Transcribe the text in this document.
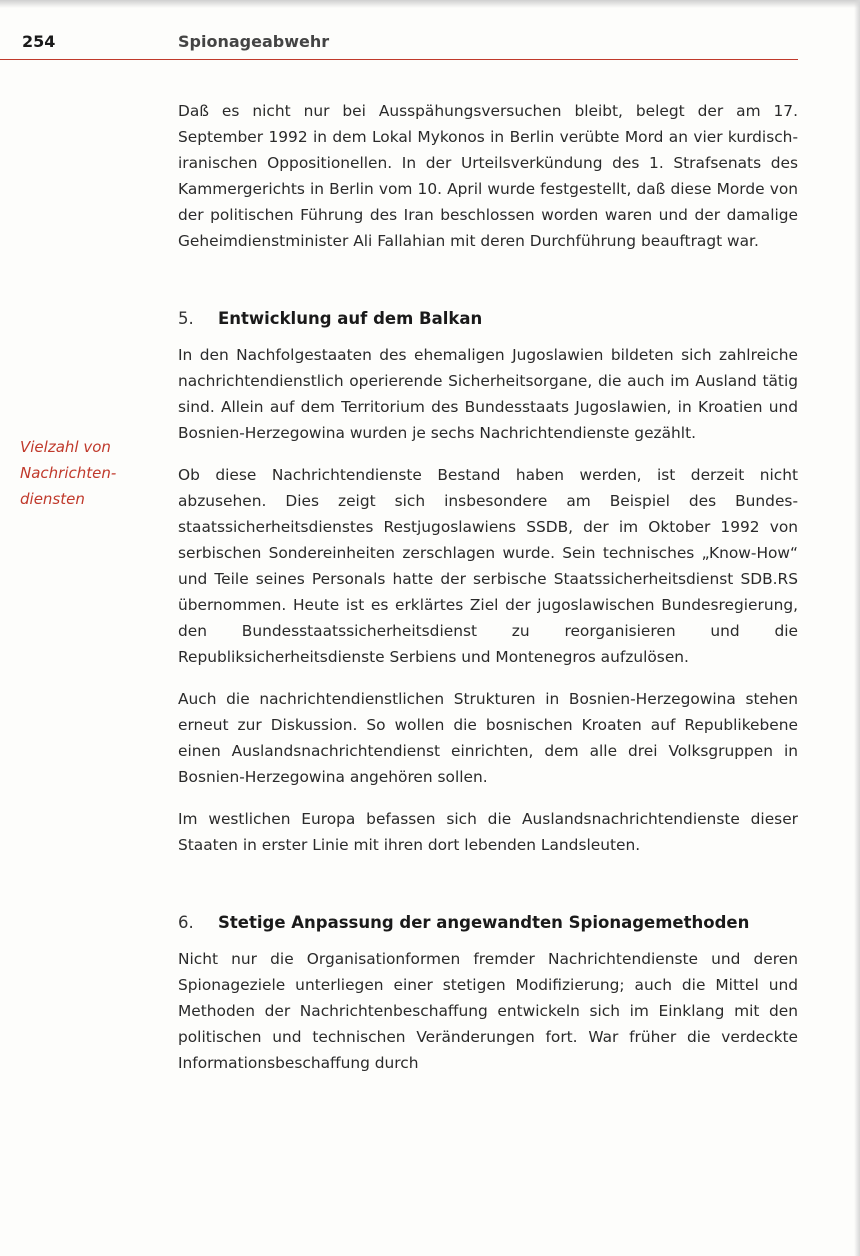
254	Spionageabwehr
Vielzahl von Nachrichtendiensten

Daß es nicht nur bei Ausspähungsversuchen bleibt, belegt der am 17. September 1992 in dem Lokal Mykonos in Berlin verübte Mord an vier kurdisch-iranischen Oppositionellen. In der Urteilsverkündung des 1. Strafsenats des Kammergerichts in Berlin vom 10. April wurde festgestellt, daß diese Morde von der politischen Führung des Iran beschlossen worden waren und der damalige Geheimdienstminister Ali Fallahian mit deren Durchführung beauftragt war.

5. Entwicklung auf dem Balkan

In den Nachfolgestaaten des ehemaligen Jugoslawien bildeten sich zahlreiche nachrichtendienstlich operierende Sicherheitsorgane, die auch im Ausland tätig sind. Allein auf dem Territorium des Bundesstaats Jugoslawien, in Kroatien und Bosnien-Herzegowina wurden je sechs Nachrichtendienste gezählt.

Ob diese Nachrichtendienste Bestand haben werden, ist derzeit nicht abzusehen. Dies zeigt sich insbesondere am Beispiel des Bundesstaatssicherheitsdienstes Restjugoslawiens SSDB, der im Oktober 1992 von serbischen Sondereinheiten zerschlagen wurde. Sein technisches „Know-How“ und Teile seines Personals hatte der serbische Staatssicherheitsdienst SDB.RS übernommen. Heute ist es erklärtes Ziel der jugoslawischen Bundesregierung, den Bundesstaatssicherheitsdienst zu reorganisieren und die Republiksicherheitsdienste Serbiens und Montenegros aufzulösen.

Auch die nachrichtendienstlichen Strukturen in Bosnien-Herzegowina stehen erneut zur Diskussion. So wollen die bosnischen Kroaten auf Republikebene einen Auslandsnachrichtendienst einrichten, dem alle drei Volksgruppen in Bosnien-Herzegowina angehören sollen.

Im westlichen Europa befassen sich die Auslandsnachrichtendienste dieser Staaten in erster Linie mit ihren dort lebenden Landsleuten.

6. Stetige Anpassung der angewandten Spionagemethoden

Nicht nur die Organisationformen fremder Nachrichtendienste und deren Spionageziele unterliegen einer stetigen Modifizierung; auch die Mittel und Methoden der Nachrichtenbeschaffung entwickeln sich im Einklang mit den politischen und technischen Veränderungen fort. War früher die verdeckte Informationsbeschaffung durch
